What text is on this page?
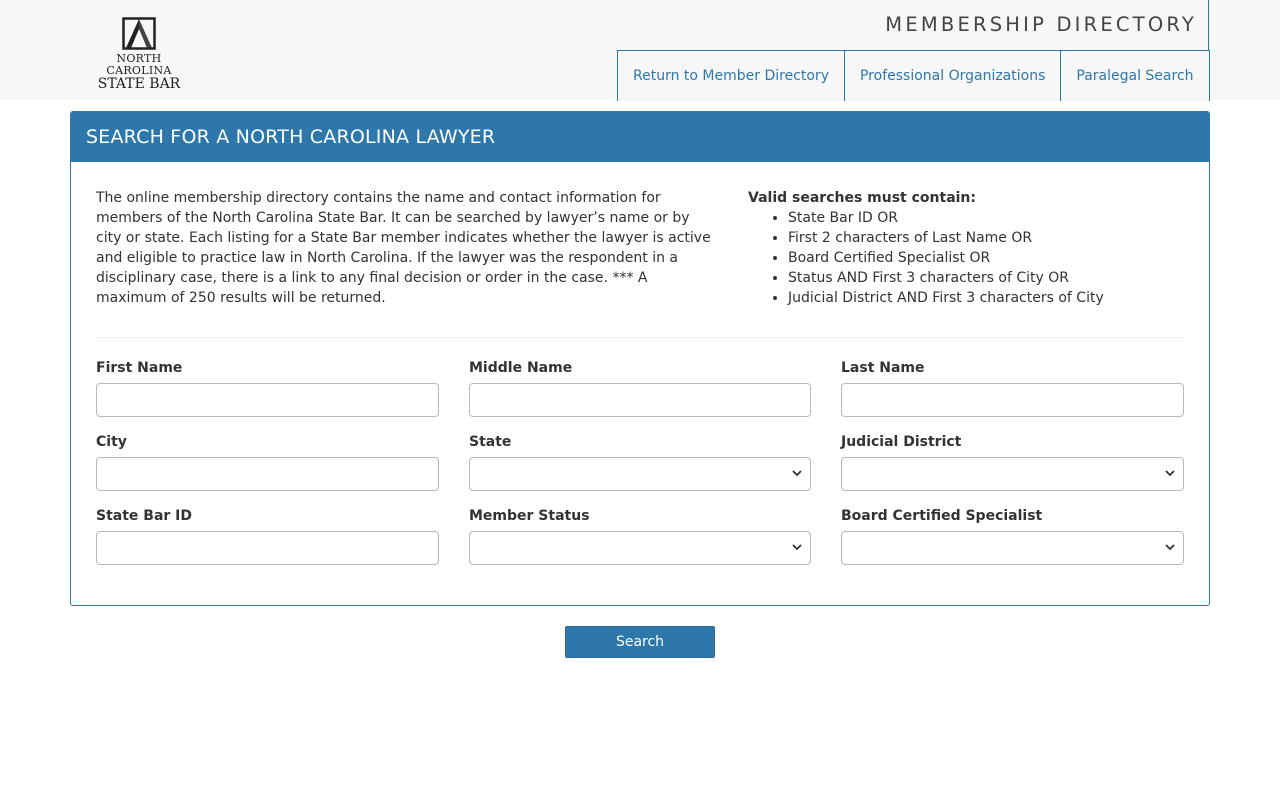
NORTH CAROLINA
STATE BAR
MEMBERSHIP DIRECTORY
Return to Member Directory	Professional Organizations	Paralegal Search
SEARCH FOR A NORTH CAROLINA LAWYER

The online membership directory contains the name and contact information for members of the North Carolina State Bar. It can be searched by lawyer’s name or by city or state. Each listing for a State Bar member indicates whether the lawyer is active and eligible to practice law in North Carolina. If the lawyer was the respondent in a disciplinary case, there is a link to any final decision or order in the case. *** A maximum of 250 results will be returned.

Valid searches must contain:
• State Bar ID OR
• First 2 characters of Last Name OR
• Board Certified Specialist OR
• Status AND First 3 characters of City OR
• Judicial District AND First 3 characters of City
First Name	Middle Name	Last Name
City	State	Judicial District
State Bar ID	Member Status	Board Certified Specialist
Search
